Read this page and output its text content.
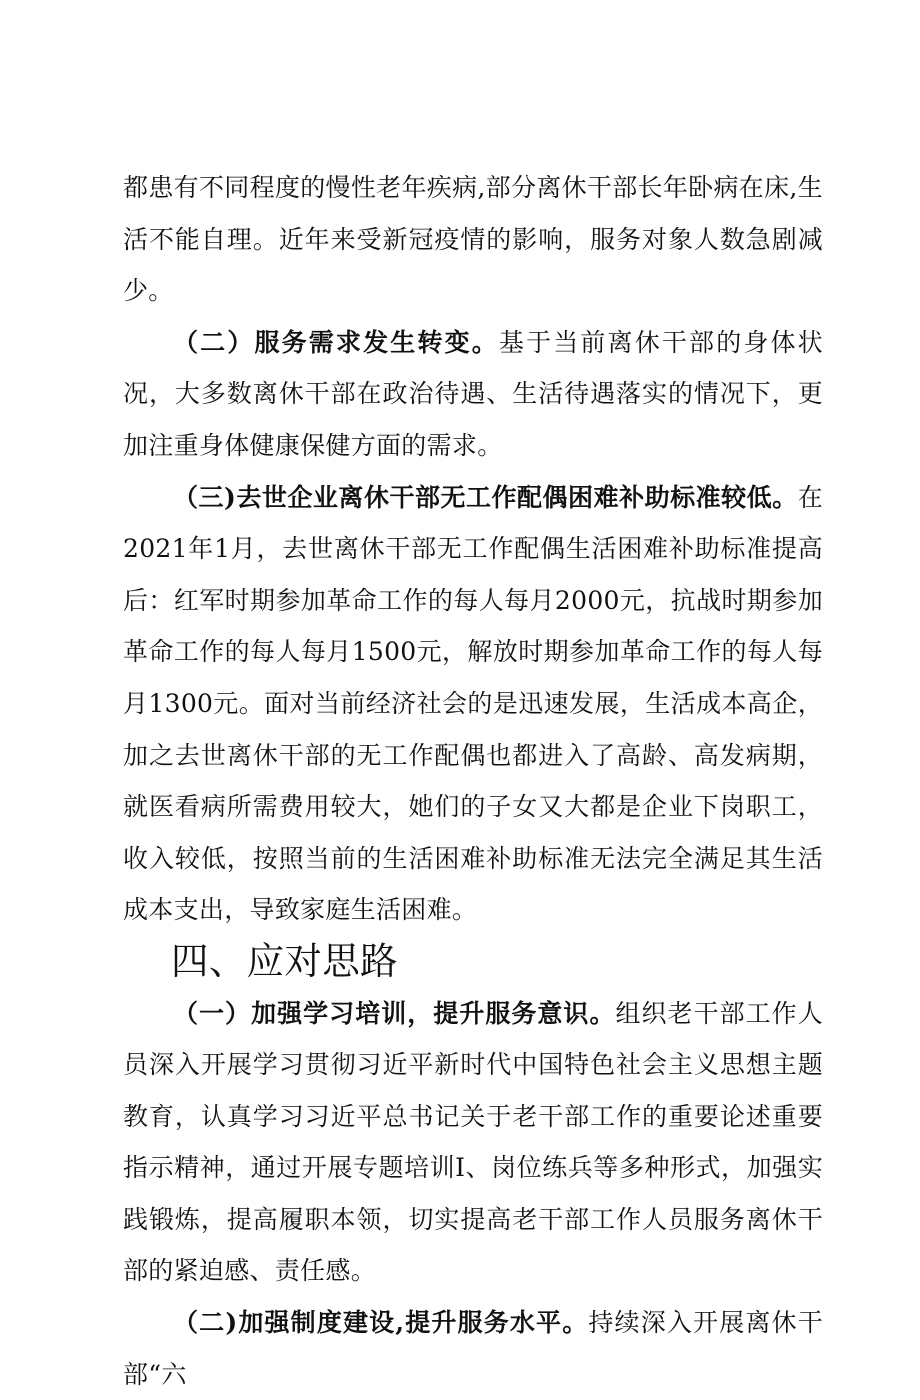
都患有不同程度的慢性老年疾病,部分离休干部长年卧病在床,生活不能自理。近年来受新冠疫情的影响，服务对象人数急剧减少。

（二）服务需求发生转变。基于当前离休干部的身体状况，大多数离休干部在政治待遇、生活待遇落实的情况下，更加注重身体健康保健方面的需求。

（三)去世企业离休干部无工作配偶困难补助标准较低。在2021年1月，去世离休干部无工作配偶生活困难补助标准提高后：红军时期参加革命工作的每人每月2000元，抗战时期参加革命工作的每人每月1500元，解放时期参加革命工作的每人每月1300元。面对当前经济社会的是迅速发展，生活成本高企，加之去世离休干部的无工作配偶也都进入了高龄、高发病期，就医看病所需费用较大，她们的子女又大都是企业下岗职工，收入较低，按照当前的生活困难补助标准无法完全满足其生活成本支出，导致家庭生活困难。

四、应对思路

（一）加强学习培训，提升服务意识。组织老干部工作人员深入开展学习贯彻习近平新时代中国特色社会主义思想主题教育，认真学习习近平总书记关于老干部工作的重要论述重要指示精神，通过开展专题培训I、岗位练兵等多种形式，加强实践锻炼，提高履职本领，切实提高老干部工作人员服务离休干部的紧迫感、责任感。

（二)加强制度建设,提升服务水平。持续深入开展离休干部“六
